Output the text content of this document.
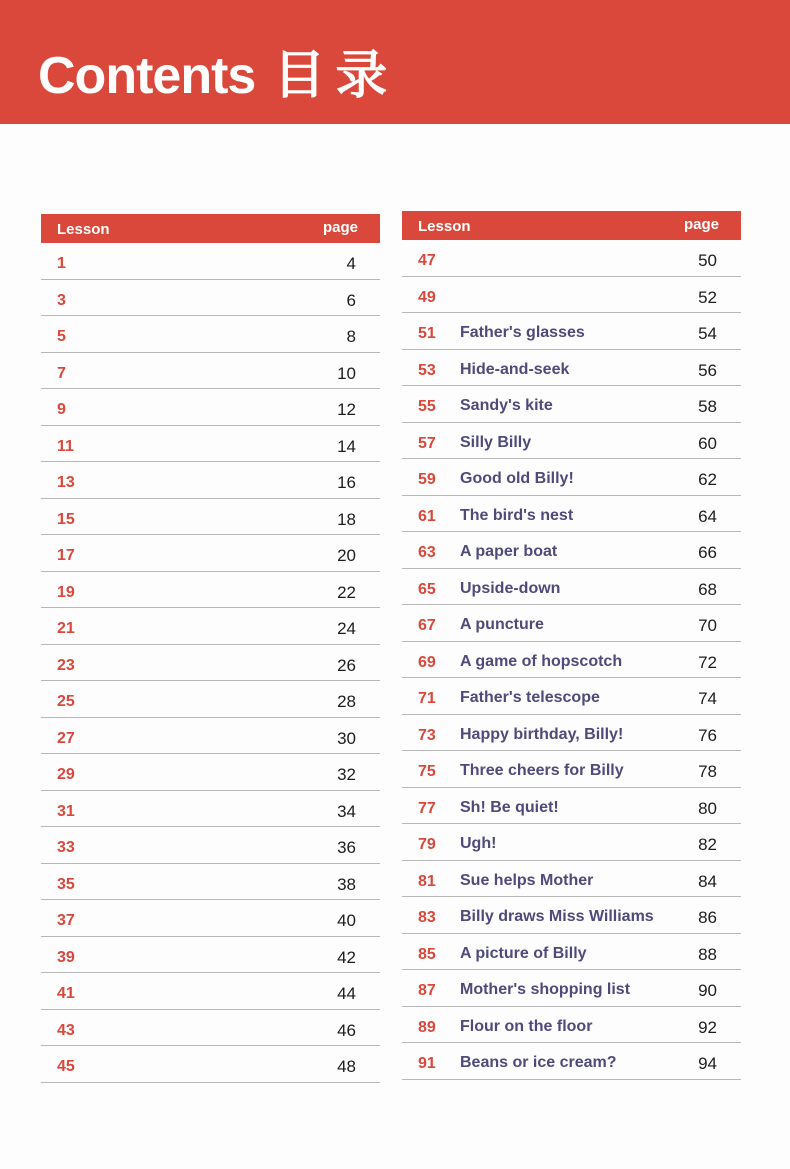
Contents 目录
Lesson	page
1	4
3	6
5	8
7	10
9	12
11	14
13	16
15	18
17	20
19	22
21	24
23	26
25	28
27	30
29	32
31	34
33	36
35	38
37	40
39	42
41	44
43	46
45	48
Lesson	page
47	50
49	52
51 Father's glasses	54
53 Hide-and-seek	56
55 Sandy's kite	58
57 Silly Billy	60
59 Good old Billy!	62
61 The bird's nest	64
63 A paper boat	66
65 Upside-down	68
67 A puncture	70
69 A game of hopscotch	72
71 Father's telescope	74
73 Happy birthday, Billy!	76
75 Three cheers for Billy	78
77 Sh! Be quiet!	80
79 Ugh!	82
81 Sue helps Mother	84
83 Billy draws Miss Williams	86
85 A picture of Billy	88
87 Mother's shopping list	90
89 Flour on the floor	92
91 Beans or ice cream?	94
